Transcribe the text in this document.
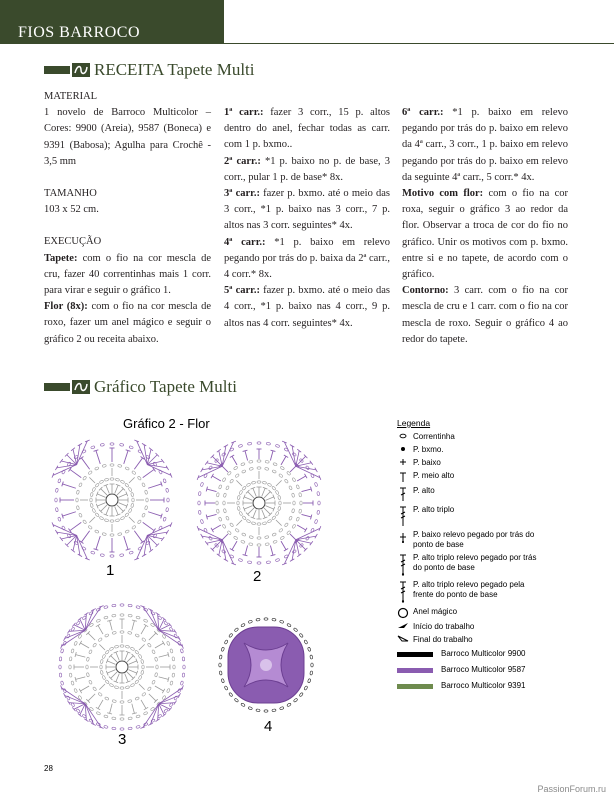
FIOS BARROCO
RECEITA Tapete Multi

MATERIAL

1 novelo de Barroco Multicolor – Cores: 9900 (Areia), 9587 (Boneca) e 9391 (Babosa); Agulha para Crochê - 3,5 mm

TAMANHO

103 x 52 cm.

EXECUÇÃO

Tapete: com o fio na cor mescla de cru, fazer 40 correntinhas mais 1 corr. para virar e seguir o gráfico 1.

Flor (8x): com o fio na cor mescla de roxo, fazer um anel mágico e seguir o gráfico 2 ou receita abaixo.

1ª carr.: fazer 3 corr., 15 p. altos dentro do anel, fechar todas as carr. com 1 p. bxmo..

2ª carr.: *1 p. baixo no p. de base, 3 corr., pular 1 p. de base* 8x.

3ª carr.: fazer p. bxmo. até o meio das 3 corr., *1 p. baixo nas 3 corr., 7 p. altos nas 3 corr. seguintes* 4x.

4ª carr.: *1 p. baixo em relevo pegando por trás do p. baixa da 2ª carr., 4 corr.* 8x.

5ª carr.: fazer p. bxmo. até o meio das 4 corr., *1 p. baixo nas 4 corr., 9 p. altos nas 4 corr. seguintes* 4x.

6ª carr.: *1 p. baixo em relevo pegando por trás do p. baixo em relevo da 4ª carr., 3 corr., 1 p. baixo em relevo pegando por trás do p. baixo em relevo da seguinte 4ª carr., 5 corr.* 4x.

Motivo com flor: com o fio na cor roxa, seguir o gráfico 3 ao redor da flor. Observar a troca de cor do fio no gráfico. Unir os motivos com p. bxmo. entre si e no tapete, de acordo com o gráfico.

Contorno: 3 carr. com o fio na cor mescla de cru e 1 carr. com o fio na cor mescla de roxo. Seguir o gráfico 4 ao redor do tapete.

Gráfico Tapete Multi
Gráfico 2 - Flor
1	2
3
4
Legenda
Correntinha
P. bxmo.
P. baixo
P. meio alto
P. alto
P. alto triplo
P. baixo relevo pegado por trás do ponto de base
P. alto triplo relevo pegado por trás do ponto de base
P. alto triplo relevo pegado pela frente do ponto de base
Anel mágico
Início do trabalho
Final do trabalho
Barroco Multicolor 9900
Barroco Multicolor 9587
Barroco Multicolor 9391
28
PassionForum.ru
